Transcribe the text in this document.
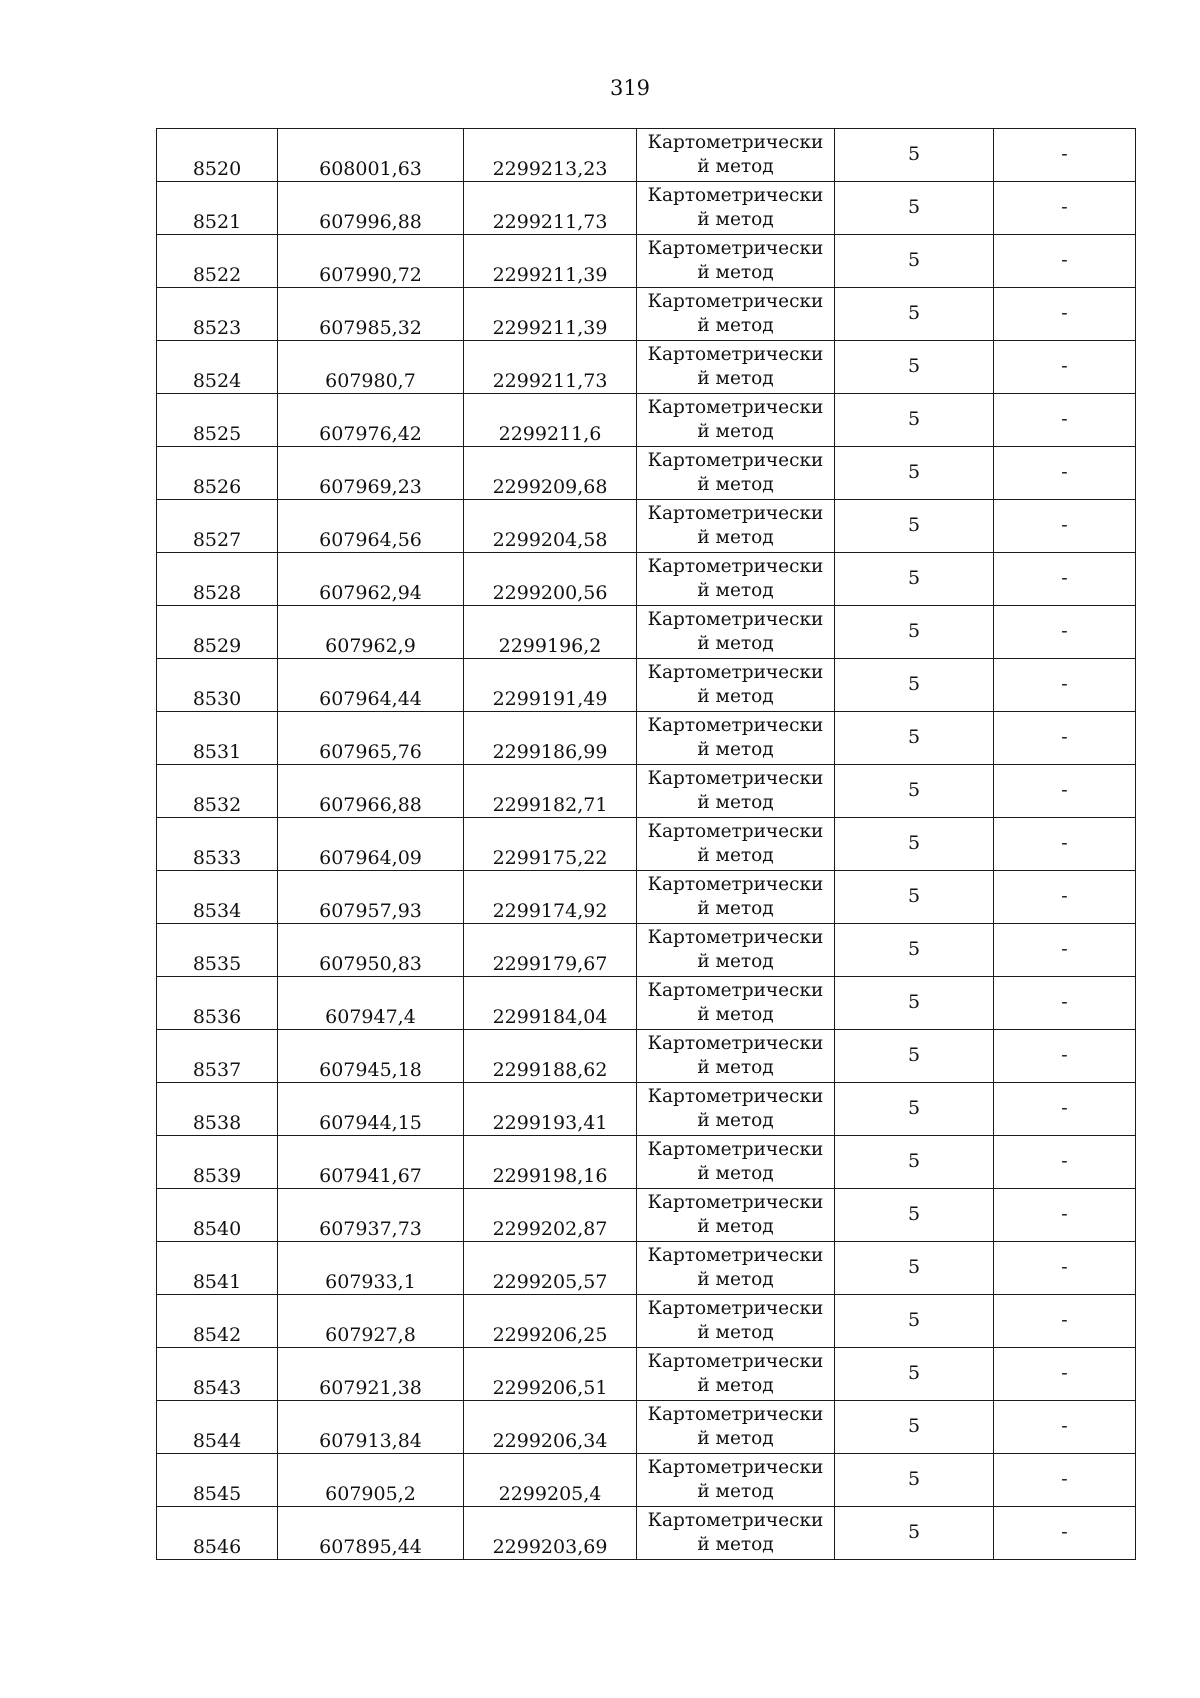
319
8520	608001,63	2299213,23	Картометрический метод	5	-
8521	607996,88	2299211,73	Картометрический метод	5	-
8522	607990,72	2299211,39	Картометрический метод	5	-
8523	607985,32	2299211,39	Картометрический метод	5	-
8524	607980,7	2299211,73	Картометрический метод	5	-
8525	607976,42	2299211,6	Картометрический метод	5	-
8526	607969,23	2299209,68	Картометрический метод	5	-
8527	607964,56	2299204,58	Картометрический метод	5	-
8528	607962,94	2299200,56	Картометрический метод	5	-
8529	607962,9	2299196,2	Картометрический метод	5	-
8530	607964,44	2299191,49	Картометрический метод	5	-
8531	607965,76	2299186,99	Картометрический метод	5	-
8532	607966,88	2299182,71	Картометрический метод	5	-
8533	607964,09	2299175,22	Картометрический метод	5	-
8534	607957,93	2299174,92	Картометрический метод	5	-
8535	607950,83	2299179,67	Картометрический метод	5	-
8536	607947,4	2299184,04	Картометрический метод	5	-
8537	607945,18	2299188,62	Картометрический метод	5	-
8538	607944,15	2299193,41	Картометрический метод	5	-
8539	607941,67	2299198,16	Картометрический метод	5	-
8540	607937,73	2299202,87	Картометрический метод	5	-
8541	607933,1	2299205,57	Картометрический метод	5	-
8542	607927,8	2299206,25	Картометрический метод	5	-
8543	607921,38	2299206,51	Картометрический метод	5	-
8544	607913,84	2299206,34	Картометрический метод	5	-
8545	607905,2	2299205,4	Картометрический метод	5	-
8546	607895,44	2299203,69	Картометрический метод	5	-
